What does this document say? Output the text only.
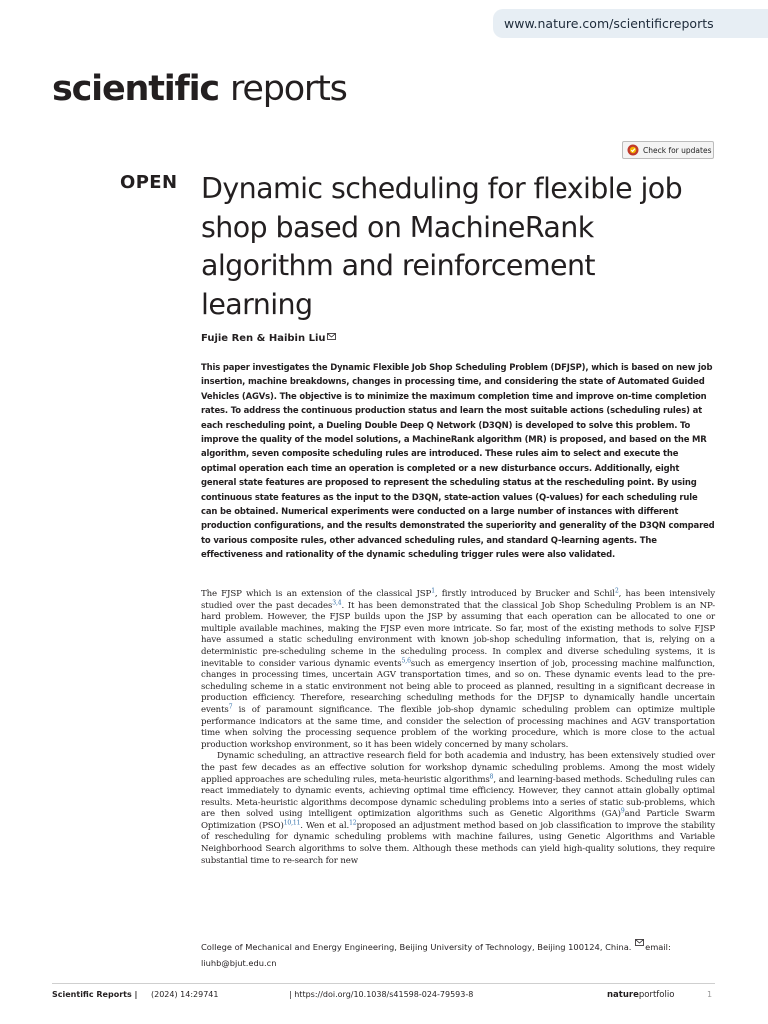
www.nature.com/scientificreports
scientific reports
Check for updates
OPEN Dynamic scheduling for flexible job shop based on MachineRank algorithm and reinforcement learning
Fujie Ren & Haibin Liu

This paper investigates the Dynamic Flexible Job Shop Scheduling Problem (DFJSP), which is based on new job insertion, machine breakdowns, changes in processing time, and considering the state of Automated Guided Vehicles (AGVs). The objective is to minimize the maximum completion time and improve on-time completion rates. To address the continuous production status and learn the most suitable actions (scheduling rules) at each rescheduling point, a Dueling Double Deep Q Network (D3QN) is developed to solve this problem. To improve the quality of the model solutions, a MachineRank algorithm (MR) is proposed, and based on the MR algorithm, seven composite scheduling rules are introduced. These rules aim to select and execute the optimal operation each time an operation is completed or a new disturbance occurs. Additionally, eight general state features are proposed to represent the scheduling status at the rescheduling point. By using continuous state features as the input to the D3QN, state-action values (Q-values) for each scheduling rule can be obtained. Numerical experiments were conducted on a large number of instances with different production configurations, and the results demonstrated the superiority and generality of the D3QN compared to various composite rules, other advanced scheduling rules, and standard Q-learning agents. The effectiveness and rationality of the dynamic scheduling trigger rules were also validated.

The FJSP which is an extension of the classical JSP$^1$, firstly introduced by Brucker and Schil$^2$, has been intensively studied over the past decades$^{3,4}$. It has been demonstrated that the classical Job Shop Scheduling Problem is an NP-hard problem. However, the FJSP builds upon the JSP by assuming that each operation can be allocated to one or multiple available machines, making the FJSP even more intricate. So far, most of the existing methods to solve FJSP have assumed a static scheduling environment with known job-shop scheduling information, that is, relying on a deterministic pre-scheduling scheme in the scheduling process. In complex and diverse scheduling systems, it is inevitable to consider various dynamic events$^{5,6}$such as emergency insertion of job, processing machine malfunction, changes in processing times, uncertain AGV transportation times, and so on. These dynamic events lead to the pre-scheduling scheme in a static environment not being able to proceed as planned, resulting in a significant decrease in production efficiency. Therefore, researching scheduling methods for the DFJSP to dynamically handle uncertain events$^7$ is of paramount significance. The flexible job-shop dynamic scheduling problem can optimize multiple performance indicators at the same time, and consider the selection of processing machines and AGV transportation time when solving the processing sequence problem of the working procedure, which is more close to the actual production workshop environment, so it has been widely concerned by many scholars.

Dynamic scheduling, an attractive research field for both academia and industry, has been extensively studied over the past few decades as an effective solution for workshop dynamic scheduling problems. Among the most widely applied approaches are scheduling rules, meta-heuristic algorithms$^8$, and learning-based methods. Scheduling rules can react immediately to dynamic events, achieving optimal time efficiency. However, they cannot attain globally optimal results. Meta-heuristic algorithms decompose dynamic scheduling problems into a series of static sub-problems, which are then solved using intelligent optimization algorithms such as Genetic Algorithms (GA)$^9$and Particle Swarm Optimization (PSO)$^{10,11}$. Wen et al.$^{12}$proposed an adjustment method based on job classification to improve the stability of rescheduling for dynamic scheduling problems with machine failures, using Genetic Algorithms and Variable Neighborhood Search algorithms to solve them. Although these methods can yield high-quality solutions, they require substantial time to re-search for new

College of Mechanical and Energy Engineering, Beijing University of Technology, Beijing 100124, China. email: liuhb@bjut.edu.cn

Scientific Reports | (2024) 14:29741	| https://doi.org/10.1038/s41598-024-79593-8	natureportfolio	1
